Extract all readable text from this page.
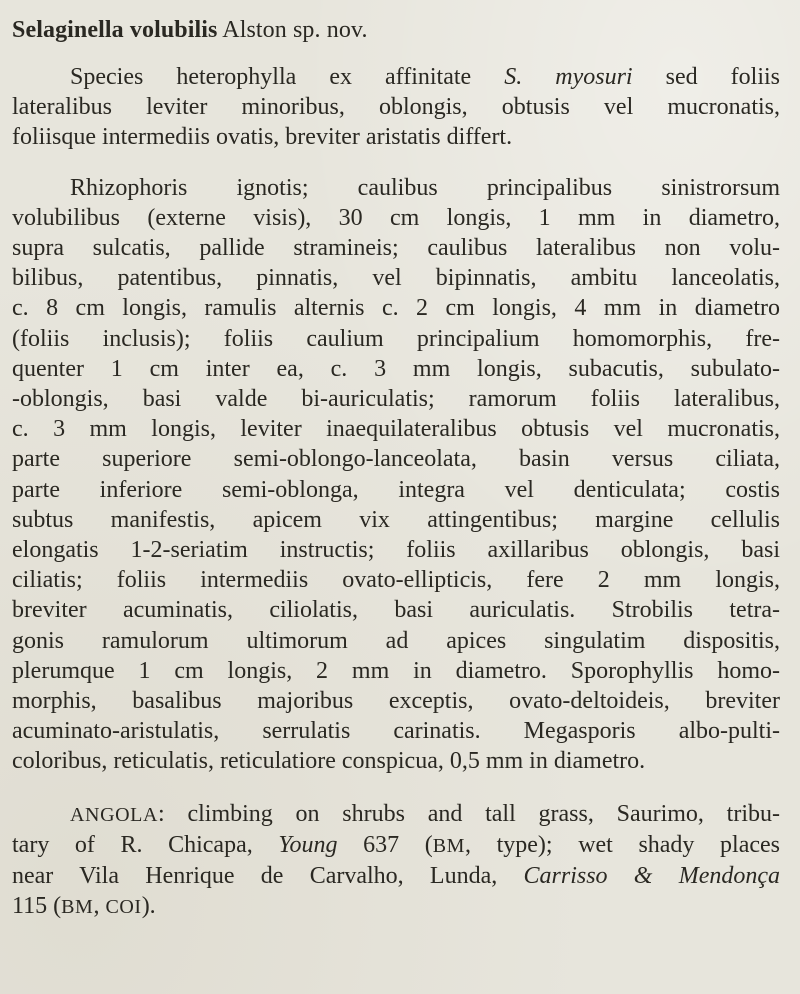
Selaginella volubilis Alston sp. nov.
Species heterophylla ex affinitate S. myosuri sed foliis
lateralibus leviter minoribus, oblongis, obtusis vel mucronatis,
foliisque intermediis ovatis, breviter aristatis differt.
Rhizophoris ignotis; caulibus principalibus sinistrorsum
volubilibus (externe visis), 30 cm longis, 1 mm in diametro,
supra sulcatis, pallide stramineis; caulibus lateralibus non volu-
bilibus, patentibus, pinnatis, vel bipinnatis, ambitu lanceolatis,
c. 8 cm longis, ramulis alternis c. 2 cm longis, 4 mm in diametro
(foliis inclusis); foliis caulium principalium homomorphis, fre-
quenter 1 cm inter ea, c. 3 mm longis, subacutis, subulato-
-oblongis, basi valde bi-auriculatis; ramorum foliis lateralibus,
c. 3 mm longis, leviter inaequilateralibus obtusis vel mucronatis,
parte superiore semi-oblongo-lanceolata, basin versus ciliata,
parte inferiore semi-oblonga, integra vel denticulata; costis
subtus manifestis, apicem vix attingentibus; margine cellulis
elongatis 1-2-seriatim instructis; foliis axillaribus oblongis, basi
ciliatis; foliis intermediis ovato-ellipticis, fere 2 mm longis,
breviter acuminatis, ciliolatis, basi auriculatis. Strobilis tetra-
gonis ramulorum ultimorum ad apices singulatim dispositis,
plerumque 1 cm longis, 2 mm in diametro. Sporophyllis homo-
morphis, basalibus majoribus exceptis, ovato-deltoideis, breviter
acuminato-aristulatis, serrulatis carinatis. Megasporis albo-pulti-
coloribus, reticulatis, reticulatiore conspicua, 0,5 mm in diametro.
ANGOLA: climbing on shrubs and tall grass, Saurimo, tribu-
tary of R. Chicapa, Young 637 (BM, type); wet shady places
near Vila Henrique de Carvalho, Lunda, Carrisso & Mendonça
115 (BM, COI).
